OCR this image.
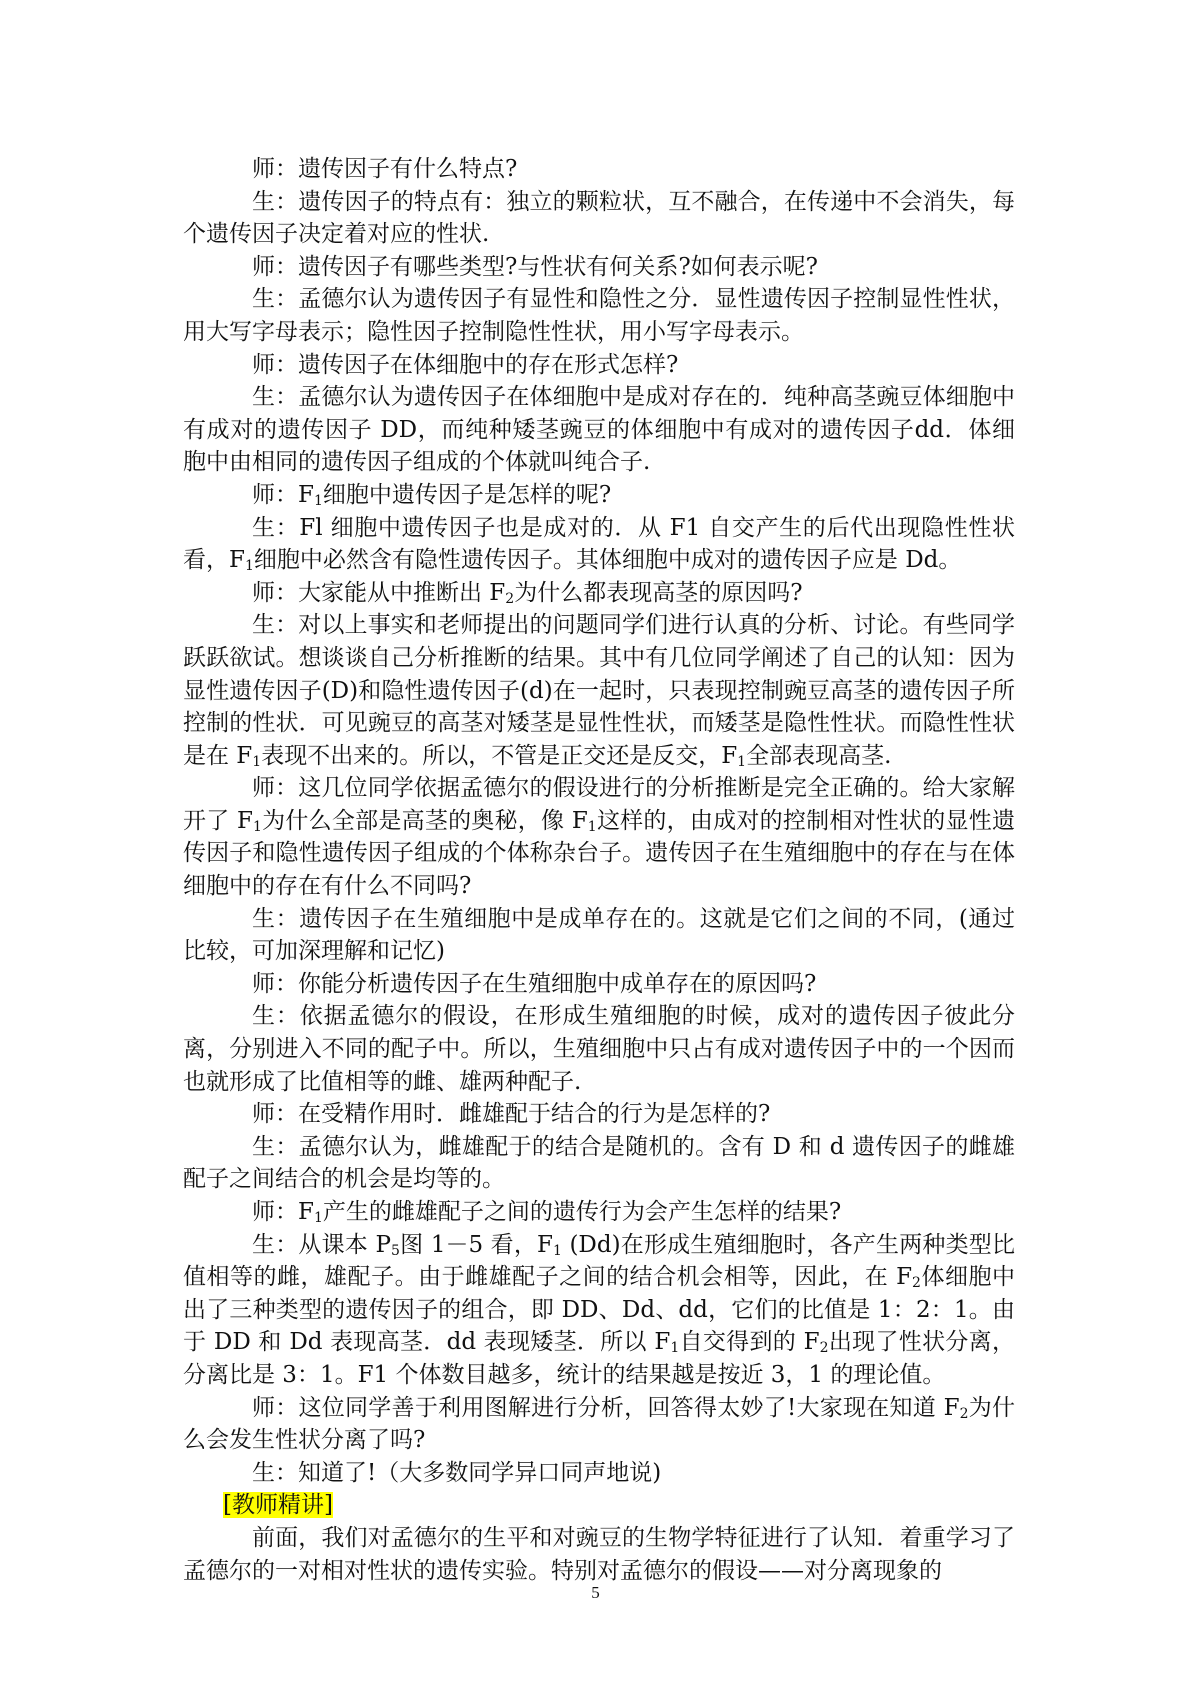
师：遗传因子有什么特点?

生：遗传因子的特点有：独立的颗粒状，互不融合，在传递中不会消失，每个遗传因子决定着对应的性状.

师：遗传因子有哪些类型?与性状有何关系?如何表示呢?

生：孟德尔认为遗传因子有显性和隐性之分．显性遗传因子控制显性性状，用大写字母表示；隐性因子控制隐性性状，用小写字母表示。

师：遗传因子在体细胞中的存在形式怎样?

生：孟德尔认为遗传因子在体细胞中是成对存在的．纯种高茎豌豆体细胞中有成对的遗传因子 DD，而纯种矮茎豌豆的体细胞中有成对的遗传因子dd．体细胞中由相同的遗传因子组成的个体就叫纯合子.

师：$F_1$细胞中遗传因子是怎样的呢?

生：Fl 细胞中遗传因子也是成对的．从 F1 自交产生的后代出现隐性性状看，$F_1$细胞中必然含有隐性遗传因子。其体细胞中成对的遗传因子应是 Dd。

师：大家能从中推断出 $F_2$为什么都表现高茎的原因吗?

生：对以上事实和老师提出的问题同学们进行认真的分析、讨论。有些同学跃跃欲试。想谈谈自己分析推断的结果。其中有几位同学阐述了自己的认知：因为显性遗传因子(D)和隐性遗传因子(d)在一起时，只表现控制豌豆高茎的遗传因子所控制的性状．可见豌豆的高茎对矮茎是显性性状，而矮茎是隐性性状。而隐性性状是在 $F_1$表现不出来的。所以，不管是正交还是反交，$F_1$全部表现高茎.

师：这几位同学依据孟德尔的假设进行的分析推断是完全正确的。给大家解开了 $F_1$为什么全部是高茎的奥秘，像 $F_1$这样的，由成对的控制相对性状的显性遗传因子和隐性遗传因子组成的个体称杂台子。遗传因子在生殖细胞中的存在与在体细胞中的存在有什么不同吗?

生：遗传因子在生殖细胞中是成单存在的。这就是它们之间的不同，(通过比较，可加深理解和记忆)

师：你能分析遗传因子在生殖细胞中成单存在的原因吗?

生：依据孟德尔的假设，在形成生殖细胞的时候，成对的遗传因子彼此分离，分别进入不同的配子中。所以，生殖细胞中只占有成对遗传因子中的一个因而也就形成了比值相等的雌、雄两种配子.

师：在受精作用时．雌雄配于结合的行为是怎样的?

生：孟德尔认为，雌雄配于的结合是随机的。含有 D 和 d 遗传因子的雌雄配子之间结合的机会是均等的。

师：$F_1$产生的雌雄配子之间的遗传行为会产生怎样的结果?

生：从课本 $P_5$图 1－5 看，$F_1$ (Dd)在形成生殖细胞时，各产生两种类型比值相等的雌，雄配子。由于雌雄配子之间的结合机会相等，因此，在 $F_2$体细胞中出了三种类型的遗传因子的组合，即 DD、Dd、dd，它们的比值是 1：2：1。由于 DD 和 Dd 表现高茎．dd 表现矮茎．所以 $F_1$自交得到的 $F_2$出现了性状分离，分离比是 3：1。F1 个体数目越多，统计的结果越是按近 3，1 的理论值。

师：这位同学善于利用图解进行分析，回答得太妙了!大家现在知道 $F_2$为什么会发生性状分离了吗?

生：知道了!（大多数同学异口同声地说)

[教师精讲]

前面，我们对孟德尔的生平和对豌豆的生物学特征进行了认知．着重学习了孟德尔的一对相对性状的遗传实验。特别对孟德尔的假设——对分离现象的

5
